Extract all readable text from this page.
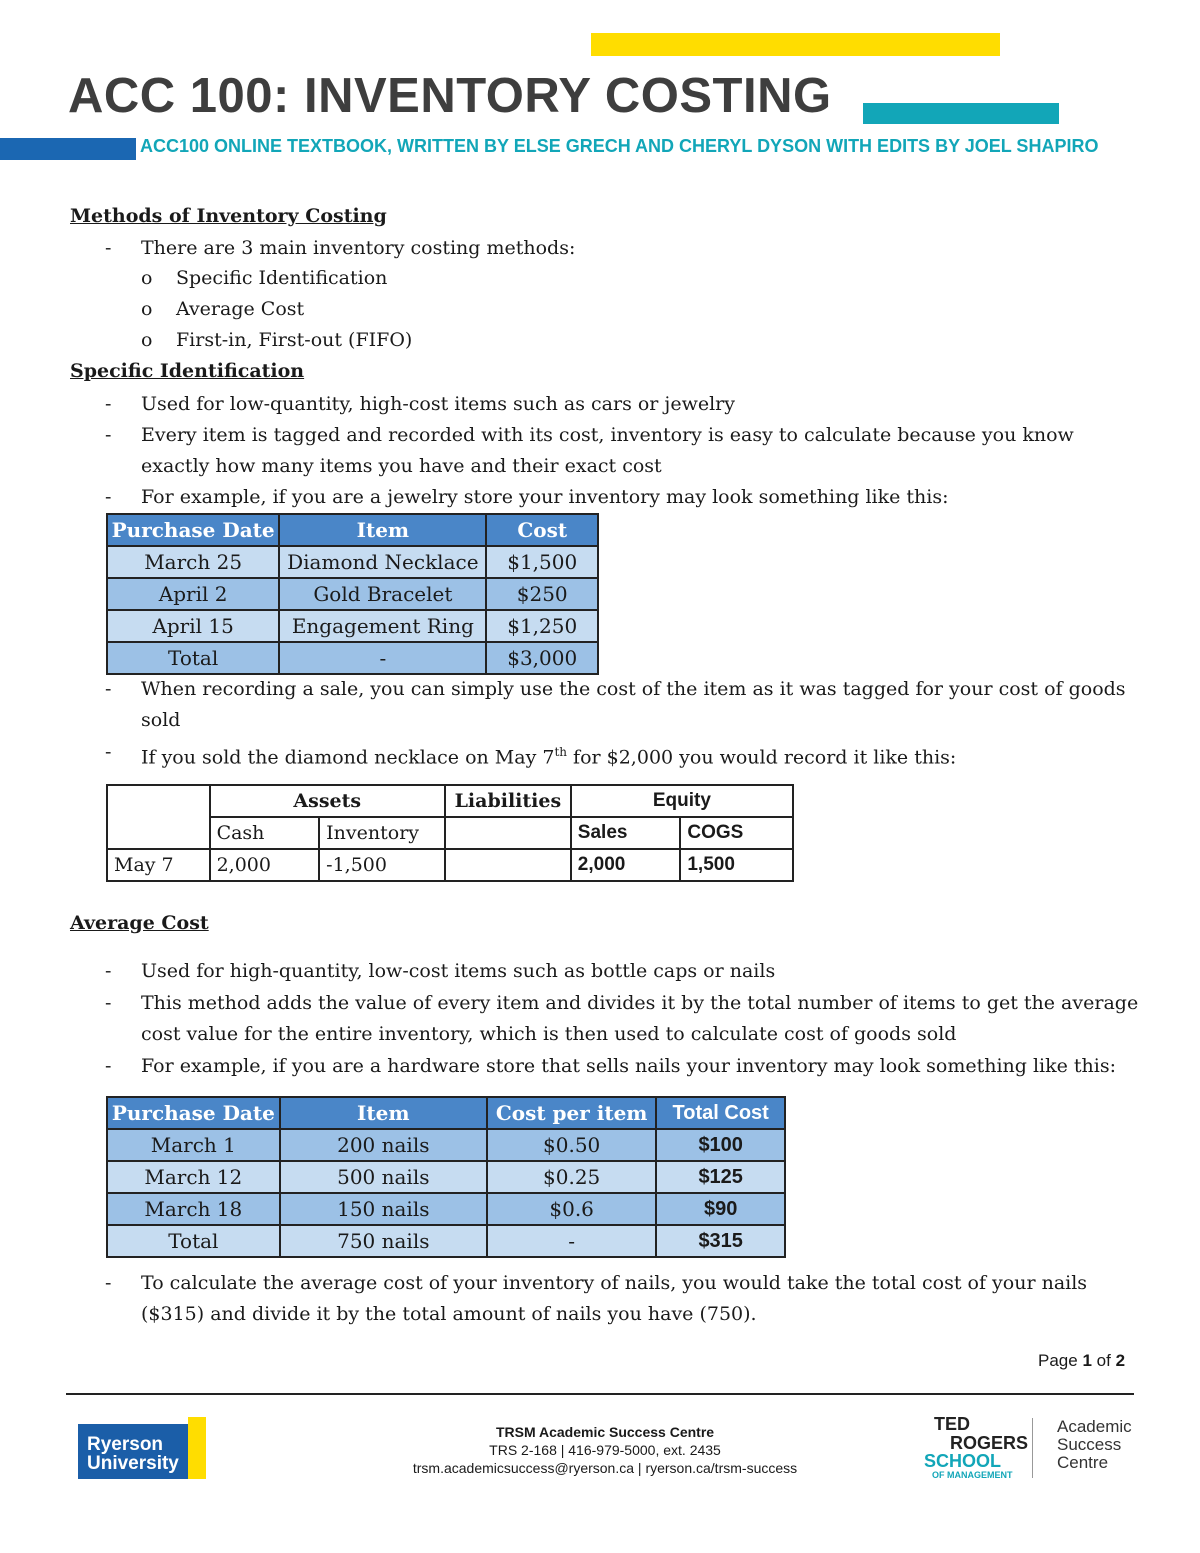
ACC 100: INVENTORY COSTING
ACC100 ONLINE TEXTBOOK, WRITTEN BY ELSE GRECH AND CHERYL DYSON WITH EDITS BY JOEL SHAPIRO
Methods of Inventory Costing
- There are 3 main inventory costing methods:
o Specific Identification
o Average Cost
o First-in, First-out (FIFO)
Specific Identification
- Used for low-quantity, high-cost items such as cars or jewelry
- Every item is tagged and recorded with its cost, inventory is easy to calculate because you know exactly how many items you have and their exact cost
- For example, if you are a jewelry store your inventory may look something like this:
Purchase Date	Item	Cost
March 25	Diamond Necklace	$1,500
April 2	Gold Bracelet	$250
April 15	Engagement Ring	$1,250
Total	-	$3,000
- When recording a sale, you can simply use the cost of the item as it was tagged for your cost of goods sold
- If you sold the diamond necklace on May 7th for $2,000 you would record it like this:
	Assets		Liabilities	Equity	
	Cash	Inventory		Sales	COGS
May 7	2,000	-1,500		2,000	1,500
Average Cost
- Used for high-quantity, low-cost items such as bottle caps or nails
- This method adds the value of every item and divides it by the total number of items to get the average cost value for the entire inventory, which is then used to calculate cost of goods sold
- For example, if you are a hardware store that sells nails your inventory may look something like this:
Purchase Date	Item	Cost per item	Total Cost
March 1	200 nails	$0.50	$100
March 12	500 nails	$0.25	$125
March 18	150 nails	$0.6	$90
Total	750 nails	-	$315
- To calculate the average cost of your inventory of nails, you would take the total cost of your nails ($315) and divide it by the total amount of nails you have (750).
Page 1 of 2
Ryerson
University
TRSM Academic Success Centre
TRS 2-168 | 416-979-5000, ext. 2435
trsm.academicsuccess@ryerson.ca | ryerson.ca/trsm-success
TED
ROGERS
SCHOOL
OF MANAGEMENT
Academic
Success
Centre
